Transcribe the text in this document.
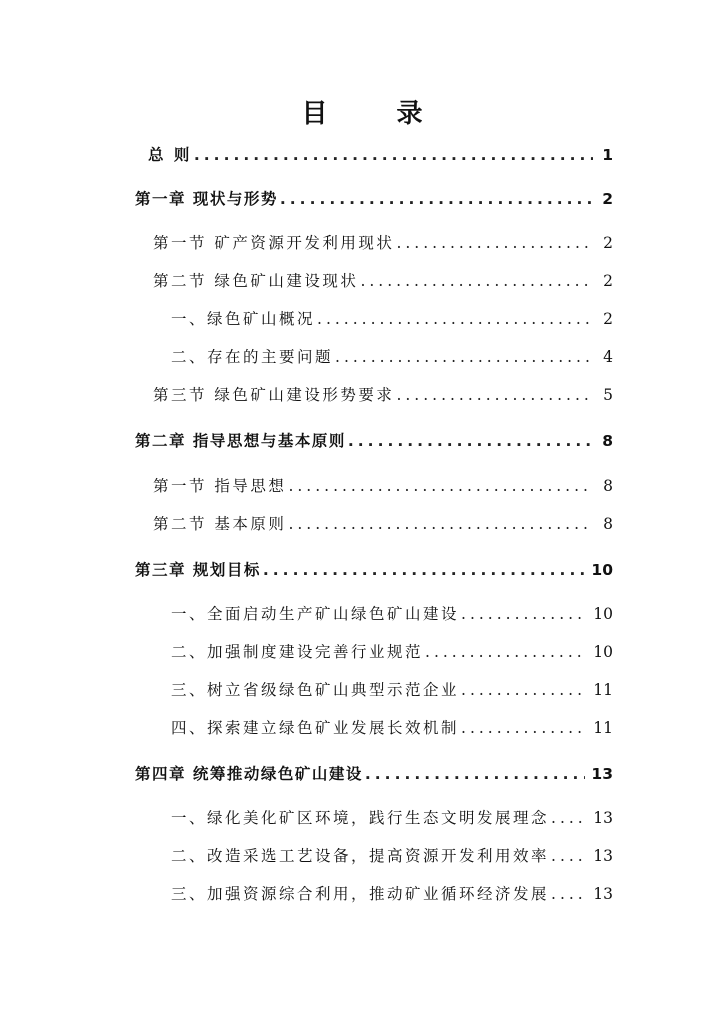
目 录
总 则 .....	1
第一章 现状与形势 .....	2
第一节 矿产资源开发利用现状 .....	2
第二节 绿色矿山建设现状 .....	2
一、绿色矿山概况 .....	2
二、存在的主要问题 .....	4
第三节 绿色矿山建设形势要求 .....	5
第二章 指导思想与基本原则 .....	8
第一节 指导思想 .....	8
第二节 基本原则 .....	8
第三章 规划目标 .....	10
一、全面启动生产矿山绿色矿山建设 .....	10
二、加强制度建设完善行业规范 .....	10
三、树立省级绿色矿山典型示范企业 .....	11
四、探索建立绿色矿业发展长效机制 .....	11
第四章 统筹推动绿色矿山建设 .....	13
一、绿化美化矿区环境，践行生态文明发展理念 .....	13
二、改造采选工艺设备，提高资源开发利用效率 .....	13
三、加强资源综合利用，推动矿业循环经济发展 .....	13
